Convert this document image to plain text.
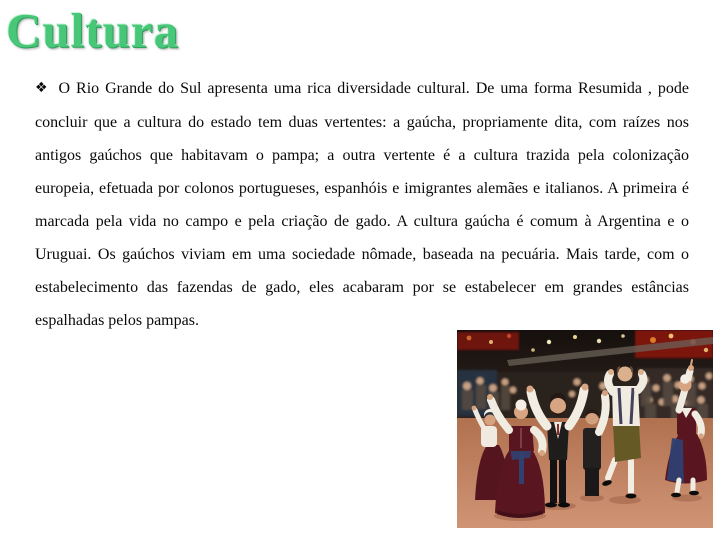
Cultura
❖ O Rio Grande do Sul apresenta uma rica diversidade cultural. De uma forma Resumida , pode concluir que a cultura do estado tem duas vertentes: a gaúcha, propriamente dita, com raízes nos antigos gaúchos que habitavam o pampa; a outra vertente é a cultura trazida pela colonização europeia, efetuada por colonos portugueses, espanhóis e imigrantes alemães e italianos. A primeira é marcada pela vida no campo e pela criação de gado. A cultura gaúcha é comum à Argentina e o Uruguai. Os gaúchos viviam em uma sociedade nômade, baseada na pecuária. Mais tarde, com o estabelecimento das fazendas de gado, eles acabaram por se estabelecer em grandes estâncias espalhadas pelos pampas.
